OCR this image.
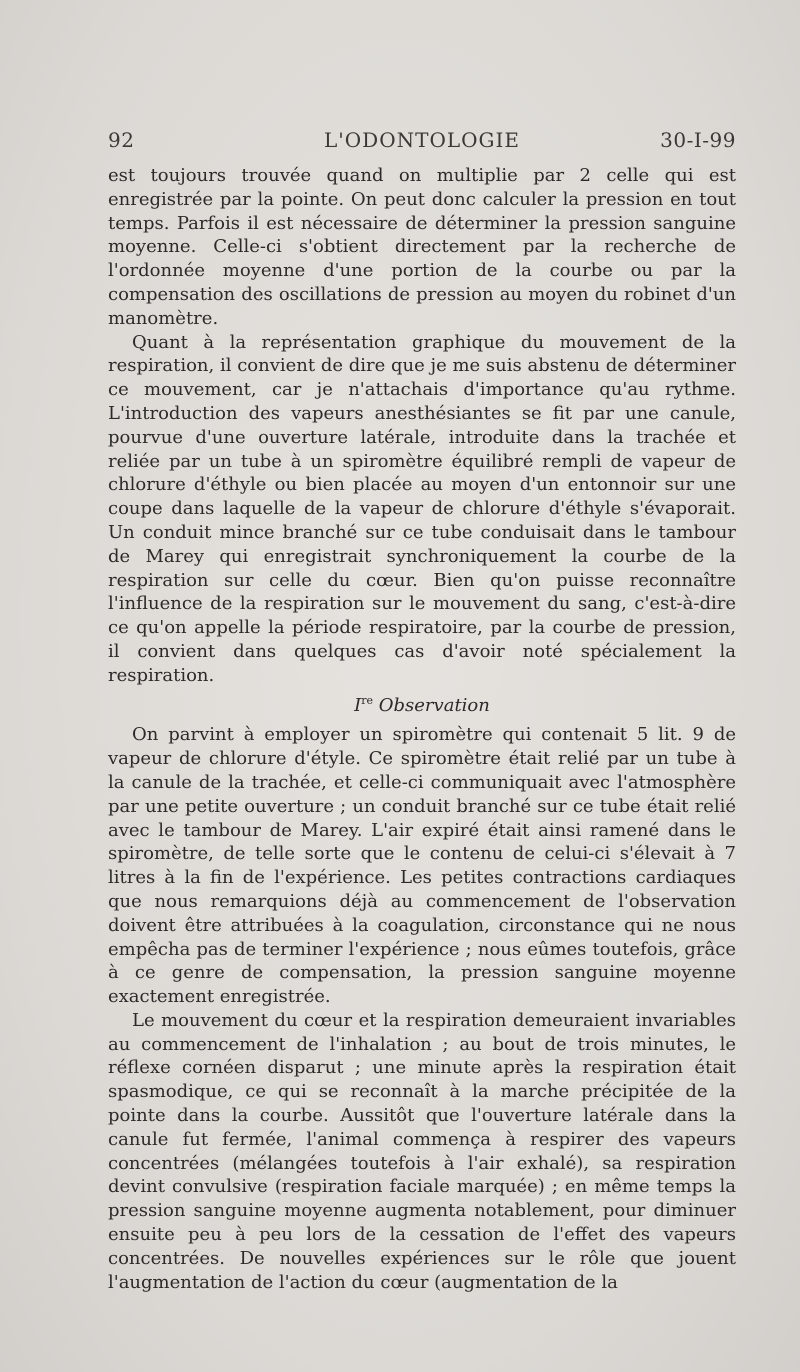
92	L'ODONTOLOGIE	30-I-99

est toujours trouvée quand on multiplie par 2 celle qui est enregistrée par la pointe. On peut donc calculer la pression en tout temps. Parfois il est nécessaire de déterminer la pression sanguine moyenne. Celle-ci s'obtient directement par la recherche de l'ordonnée moyenne d'une portion de la courbe ou par la compensation des oscillations de pression au moyen du robinet d'un manomètre.

Quant à la représentation graphique du mouvement de la respiration, il convient de dire que je me suis abstenu de déterminer ce mouvement, car je n'attachais d'importance qu'au rythme. L'introduction des vapeurs anesthésiantes se fit par une canule, pourvue d'une ouverture latérale, introduite dans la trachée et reliée par un tube à un spiromètre équilibré rempli de vapeur de chlorure d'éthyle ou bien placée au moyen d'un entonnoir sur une coupe dans laquelle de la vapeur de chlorure d'éthyle s'évaporait. Un conduit mince branché sur ce tube conduisait dans le tambour de Marey qui enregistrait synchroniquement la courbe de la respiration sur celle du cœur. Bien qu'on puisse reconnaître l'influence de la respiration sur le mouvement du sang, c'est-à-dire ce qu'on appelle la période respiratoire, par la courbe de pression, il convient dans quelques cas d'avoir noté spécialement la respiration.

Ire Observation

On parvint à employer un spiromètre qui contenait 5 lit. 9 de vapeur de chlorure d'étyle. Ce spiromètre était relié par un tube à la canule de la trachée, et celle-ci communiquait avec l'atmosphère par une petite ouverture ; un conduit branché sur ce tube était relié avec le tambour de Marey. L'air expiré était ainsi ramené dans le spiromètre, de telle sorte que le contenu de celui-ci s'élevait à 7 litres à la fin de l'expérience. Les petites contractions cardiaques que nous remarquions déjà au commencement de l'observation doivent être attribuées à la coagulation, circonstance qui ne nous empêcha pas de terminer l'expérience ; nous eûmes toutefois, grâce à ce genre de compensation, la pression sanguine moyenne exactement enregistrée.

Le mouvement du cœur et la respiration demeuraient invariables au commencement de l'inhalation ; au bout de trois minutes, le réflexe cornéen disparut ; une minute après la respiration était spasmodique, ce qui se reconnaît à la marche précipitée de la pointe dans la courbe. Aussitôt que l'ouverture latérale dans la canule fut fermée, l'animal commença à respirer des vapeurs concentrées (mélangées toutefois à l'air exhalé), sa respiration devint convulsive (respiration faciale marquée) ; en même temps la pression sanguine moyenne augmenta notablement, pour diminuer ensuite peu à peu lors de la cessation de l'effet des vapeurs concentrées. De nouvelles expériences sur le rôle que jouent l'augmentation de l'action du cœur (augmentation de la
